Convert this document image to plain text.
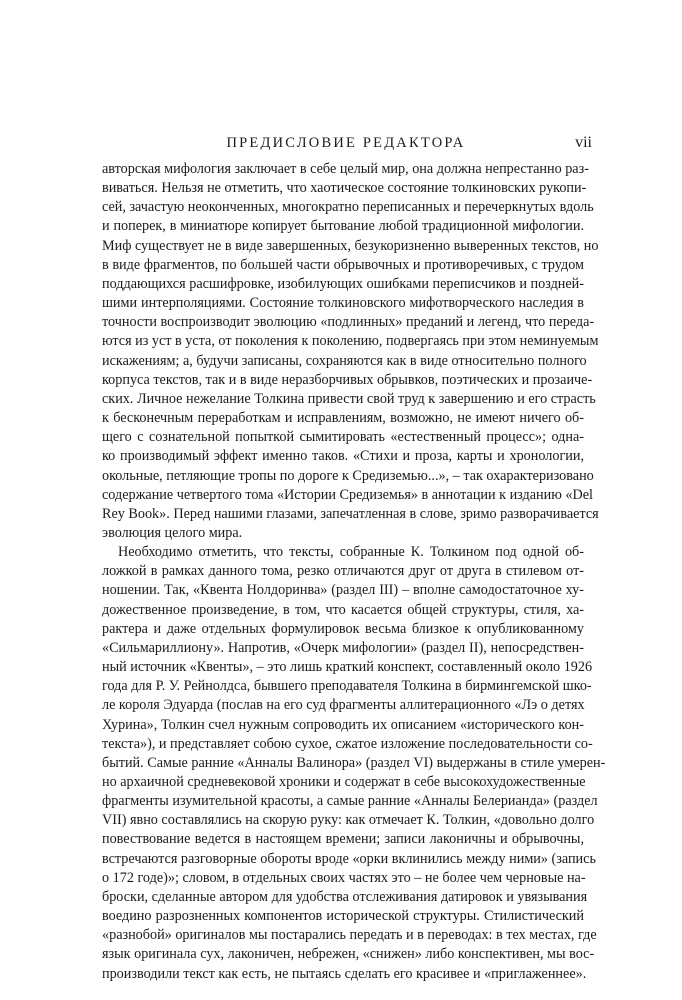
ПРЕДИСЛОВИЕ РЕДАКТОРА	vii

авторская мифология заключает в себе целый мир, она должна непрестанно раз-
виваться. Нельзя не отметить, что хаотическое состояние толкиновских рукопи-
сей, зачастую неоконченных, многократно переписанных и перечеркнутых вдоль
и поперек, в миниатюре копирует бытование любой традиционной мифологии.
Миф существует не в виде завершенных, безукоризненно выверенных текстов, но
в виде фрагментов, по большей части обрывочных и противоречивых, с трудом
поддающихся расшифровке, изобилующих ошибками переписчиков и поздней-
шими интерполяциями. Состояние толкиновского мифотворческого наследия в
точности воспроизводит эволюцию «подлинных» преданий и легенд, что переда-
ются из уст в уста, от поколения к поколению, подвергаясь при этом неминуемым
искажениям; а, будучи записаны, сохраняются как в виде относительно полного
корпуса текстов, так и в виде неразборчивых обрывков, поэтических и прозаиче-
ских. Личное нежелание Толкина привести свой труд к завершению и его страсть
к бесконечным переработкам и исправлениям, возможно, не имеют ничего об-
щего с сознательной попыткой сымитировать «естественный процесс»; одна-
ко производимый эффект именно таков. «Стихи и проза, карты и хронологии,
окольные, петляющие тропы по дороге к Средиземью...», – так охарактеризовано
содержание четвертого тома «Истории Средиземья» в аннотации к изданию «Del
Rey Book». Перед нашими глазами, запечатленная в слове, зримо разворачивается
эволюция целого мира.

Необходимо отметить, что тексты, собранные К. Толкином под одной об-
ложкой в рамках данного тома, резко отличаются друг от друга в стилевом от-
ношении. Так, «Квента Нолдоринва» (раздел III) – вполне самодостаточное ху-
дожественное произведение, в том, что касается общей структуры, стиля, ха-
рактера и даже отдельных формулировок весьма близкое к опубликованному
«Сильмариллиону». Напротив, «Очерк мифологии» (раздел II), непосредствен-
ный источник «Квенты», – это лишь краткий конспект, составленный около 1926
года для Р. У. Рейнолдса, бывшего преподавателя Толкина в бирмингемской шко-
ле короля Эдуарда (послав на его суд фрагменты аллитерационного «Лэ о детях
Хурина», Толкин счел нужным сопроводить их описанием «исторического кон-
текста»), и представляет собою сухое, сжатое изложение последовательности со-
бытий. Самые ранние «Анналы Валинора» (раздел VI) выдержаны в стиле умерен-
но архаичной средневековой хроники и содержат в себе высокохудожественные
фрагменты изумительной красоты, а самые ранние «Анналы Белерианда» (раздел
VII) явно составлялись на скорую руку: как отмечает К. Толкин, «довольно долго
повествование ведется в настоящем времени; записи лаконичны и обрывочны,
встречаются разговорные обороты вроде «орки вклинились между ними» (запись
о 172 годе)»; словом, в отдельных своих частях это – не более чем черновые на-
броски, сделанные автором для удобства отслеживания датировок и увязывания
воедино разрозненных компонентов исторической структуры. Стилистический
«разнобой» оригиналов мы постарались передать и в переводах: в тех местах, где
язык оригинала сух, лаконичен, небрежен, «снижен» либо конспективен, мы вос-
производили текст как есть, не пытаясь сделать его красивее и «приглаженнее».
